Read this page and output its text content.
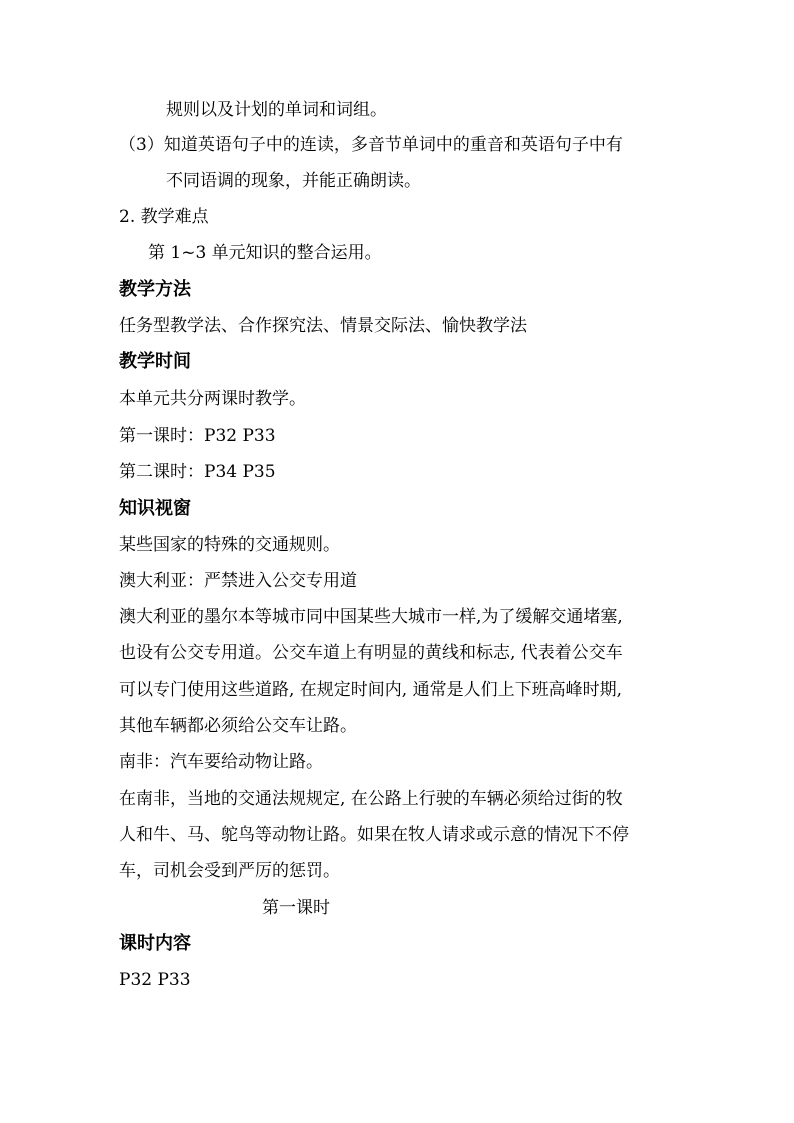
规则以及计划的单词和词组。
（3）知道英语句子中的连读，多音节单词中的重音和英语句子中有
不同语调的现象，并能正确朗读。
2. 教学难点
第 1~3 单元知识的整合运用。
教学方法
任务型教学法、合作探究法、情景交际法、愉快教学法
教学时间
本单元共分两课时教学。
第一课时：P32 P33
第二课时：P34 P35
知识视窗
某些国家的特殊的交通规则。
澳大利亚：严禁进入公交专用道
澳大利亚的墨尔本等城市同中国某些大城市一样,为了缓解交通堵塞,
也设有公交专用道。公交车道上有明显的黄线和标志, 代表着公交车
可以专门使用这些道路, 在规定时间内, 通常是人们上下班高峰时期,
其他车辆都必须给公交车让路。
南非：汽车要给动物让路。
在南非，当地的交通法规规定, 在公路上行驶的车辆必须给过街的牧
人和牛、马、鸵鸟等动物让路。如果在牧人请求或示意的情况下不停
车，司机会受到严厉的惩罚。
第一课时
课时内容
P32 P33
